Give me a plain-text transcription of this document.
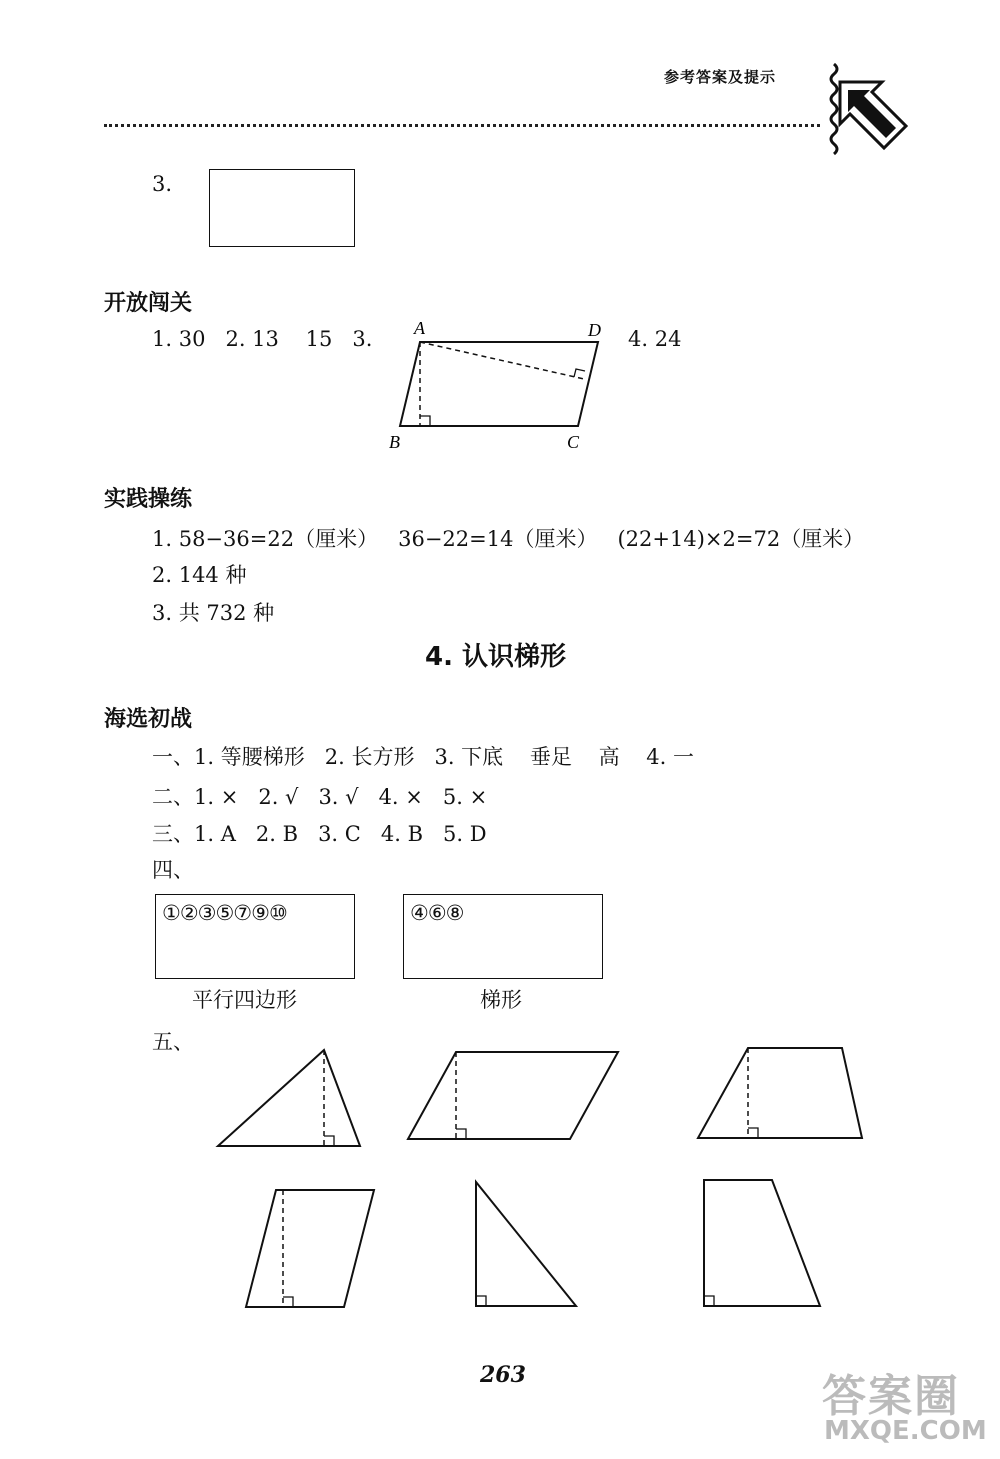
参考答案及提示
3.
开放闯关
1. 30   2. 13    15   3.	4. 24
A	D
B	C
实践操练
1. 58−36=22（厘米）   36−22=14（厘米）   (22+14)×2=72（厘米）
2. 144 种
3. 共 732 种
4. 认识梯形
海选初战
一、1. 等腰梯形   2. 长方形   3. 下底    垂足    高    4. 一
二、1. ×   2. √   3. √   4. ×   5. ×
三、1. A   2. B   3. C   4. B   5. D
四、
①②③⑤⑦⑨⑩
平行四边形
④⑥⑧
梯形
五、
263	答案圈
MXQE.COM
